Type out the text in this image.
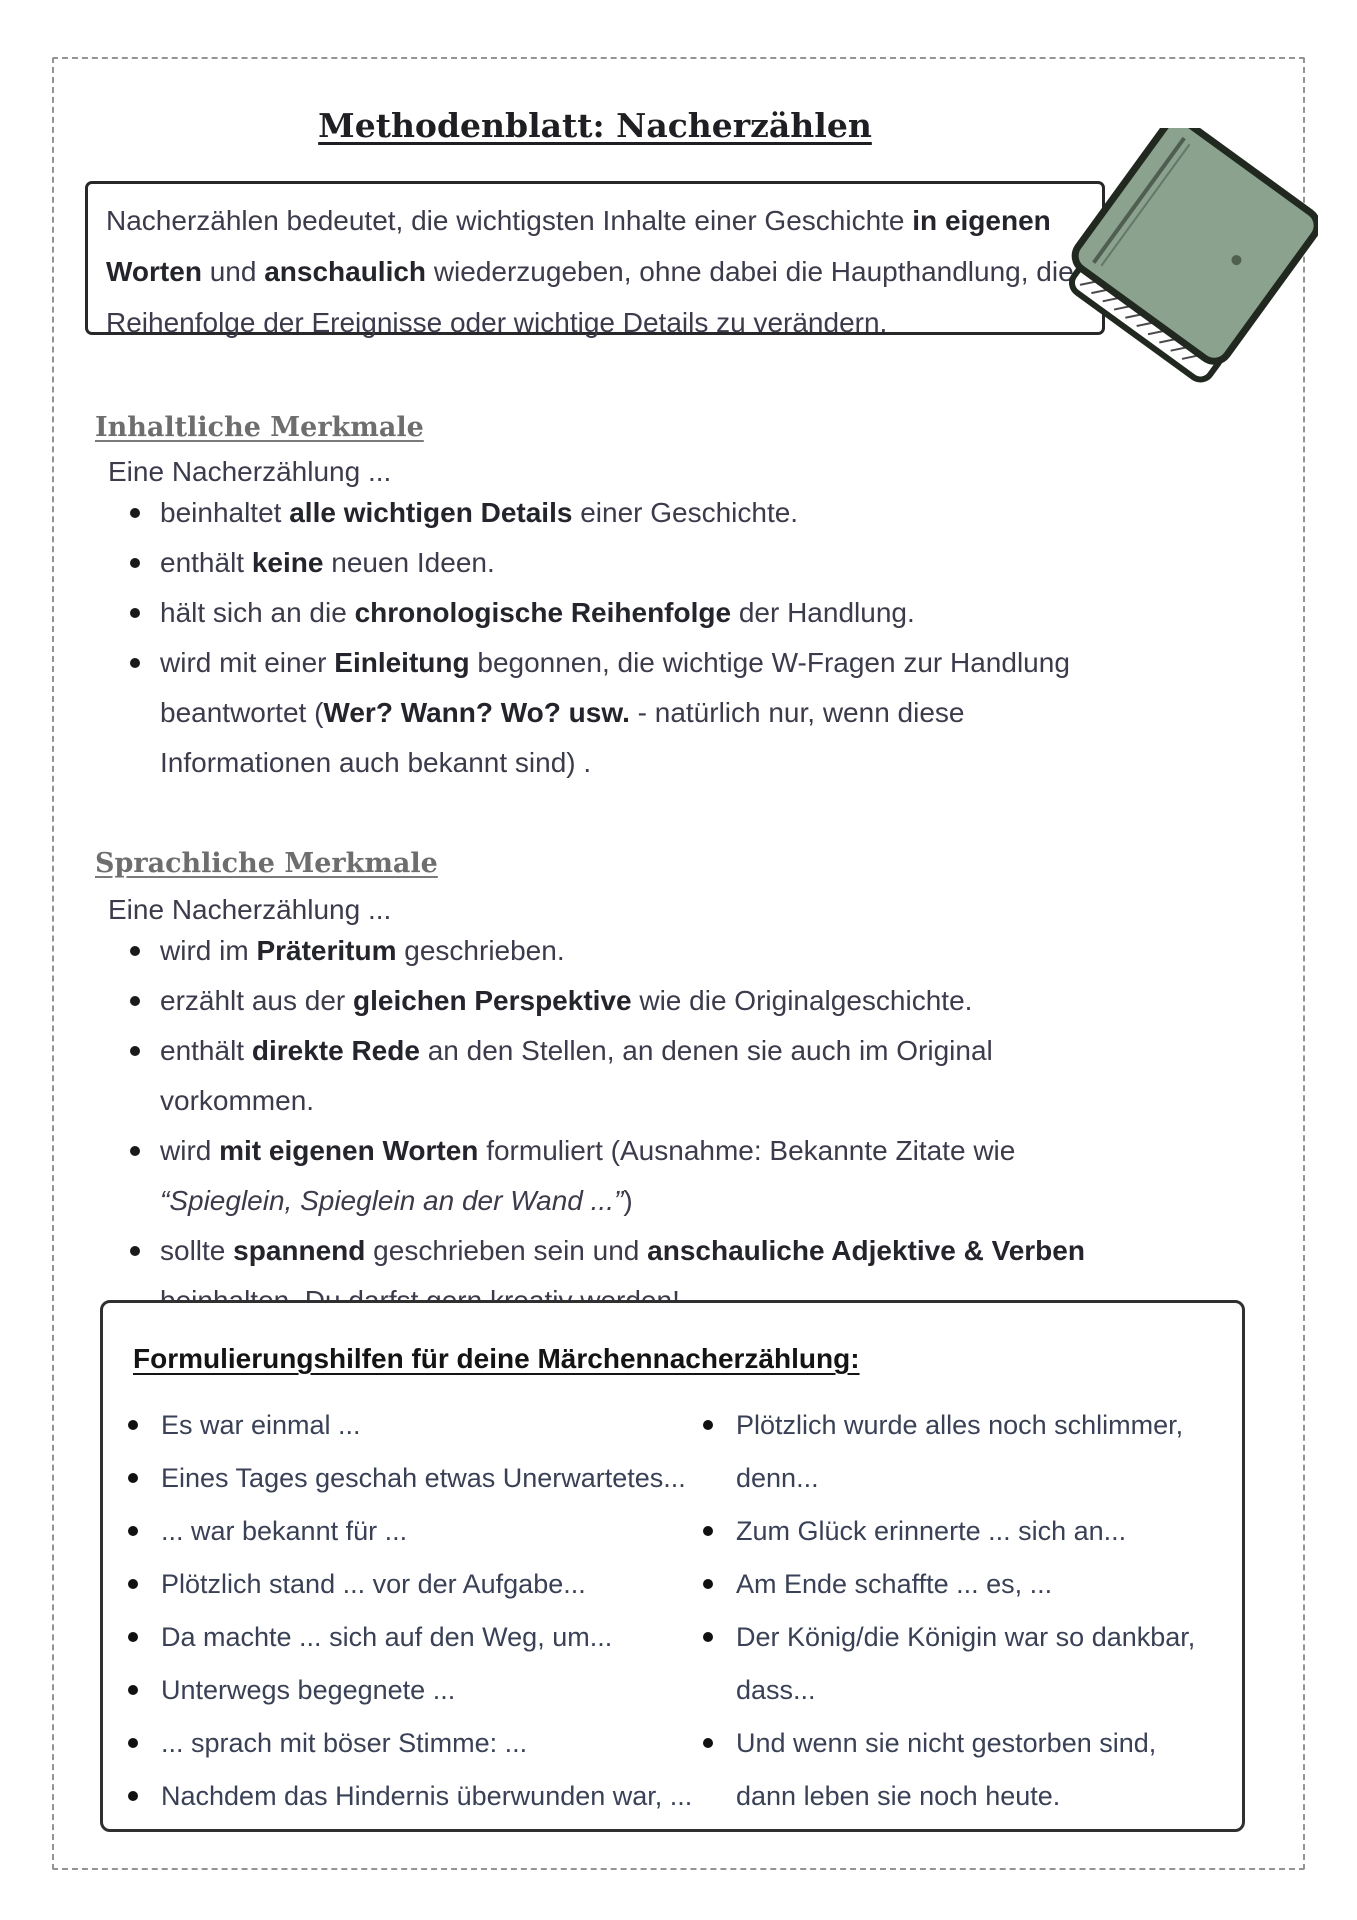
Methodenblatt: Nacherzählen

Nacherzählen bedeutet, die wichtigsten Inhalte einer Geschichte in eigenen Worten und anschaulich wiederzugeben, ohne dabei die Haupthandlung, die Reihenfolge der Ereignisse oder wichtige Details zu verändern.

Inhaltliche Merkmale

Eine Nacherzählung ...

beinhaltet alle wichtigen Details einer Geschichte.
enthält keine neuen Ideen.
hält sich an die chronologische Reihenfolge der Handlung.
wird mit einer Einleitung begonnen, die wichtige W-Fragen zur Handlung beantwortet (Wer? Wann? Wo? usw. - natürlich nur, wenn diese Informationen auch bekannt sind) .
Sprachliche Merkmale

Eine Nacherzählung ...

wird im Präteritum geschrieben.
erzählt aus der gleichen Perspektive wie die Originalgeschichte.
enthält direkte Rede an den Stellen, an denen sie auch im Original vorkommen.
wird mit eigenen Worten formuliert (Ausnahme: Bekannte Zitate wie “Spieglein, Spieglein an der Wand ...”)
sollte spannend geschrieben sein und anschauliche Adjektive & Verben

Formulierungshilfen für deine Märchennacherzählung:

Es war einmal ...
Eines Tages geschah etwas Unerwartetes...
... war bekannt für ...
Plötzlich stand ... vor der Aufgabe...
Da machte ... sich auf den Weg, um...
Unterwegs begegnete ...
... sprach mit böser Stimme: ...
Nachdem das Hindernis überwunden war, ...
Plötzlich wurde alles noch schlimmer, denn...
Zum Glück erinnerte ... sich an...
Am Ende schaffte ... es, ...
Der König/die Königin war so dankbar, dass...
Und wenn sie nicht gestorben sind, dann leben sie noch heute.
